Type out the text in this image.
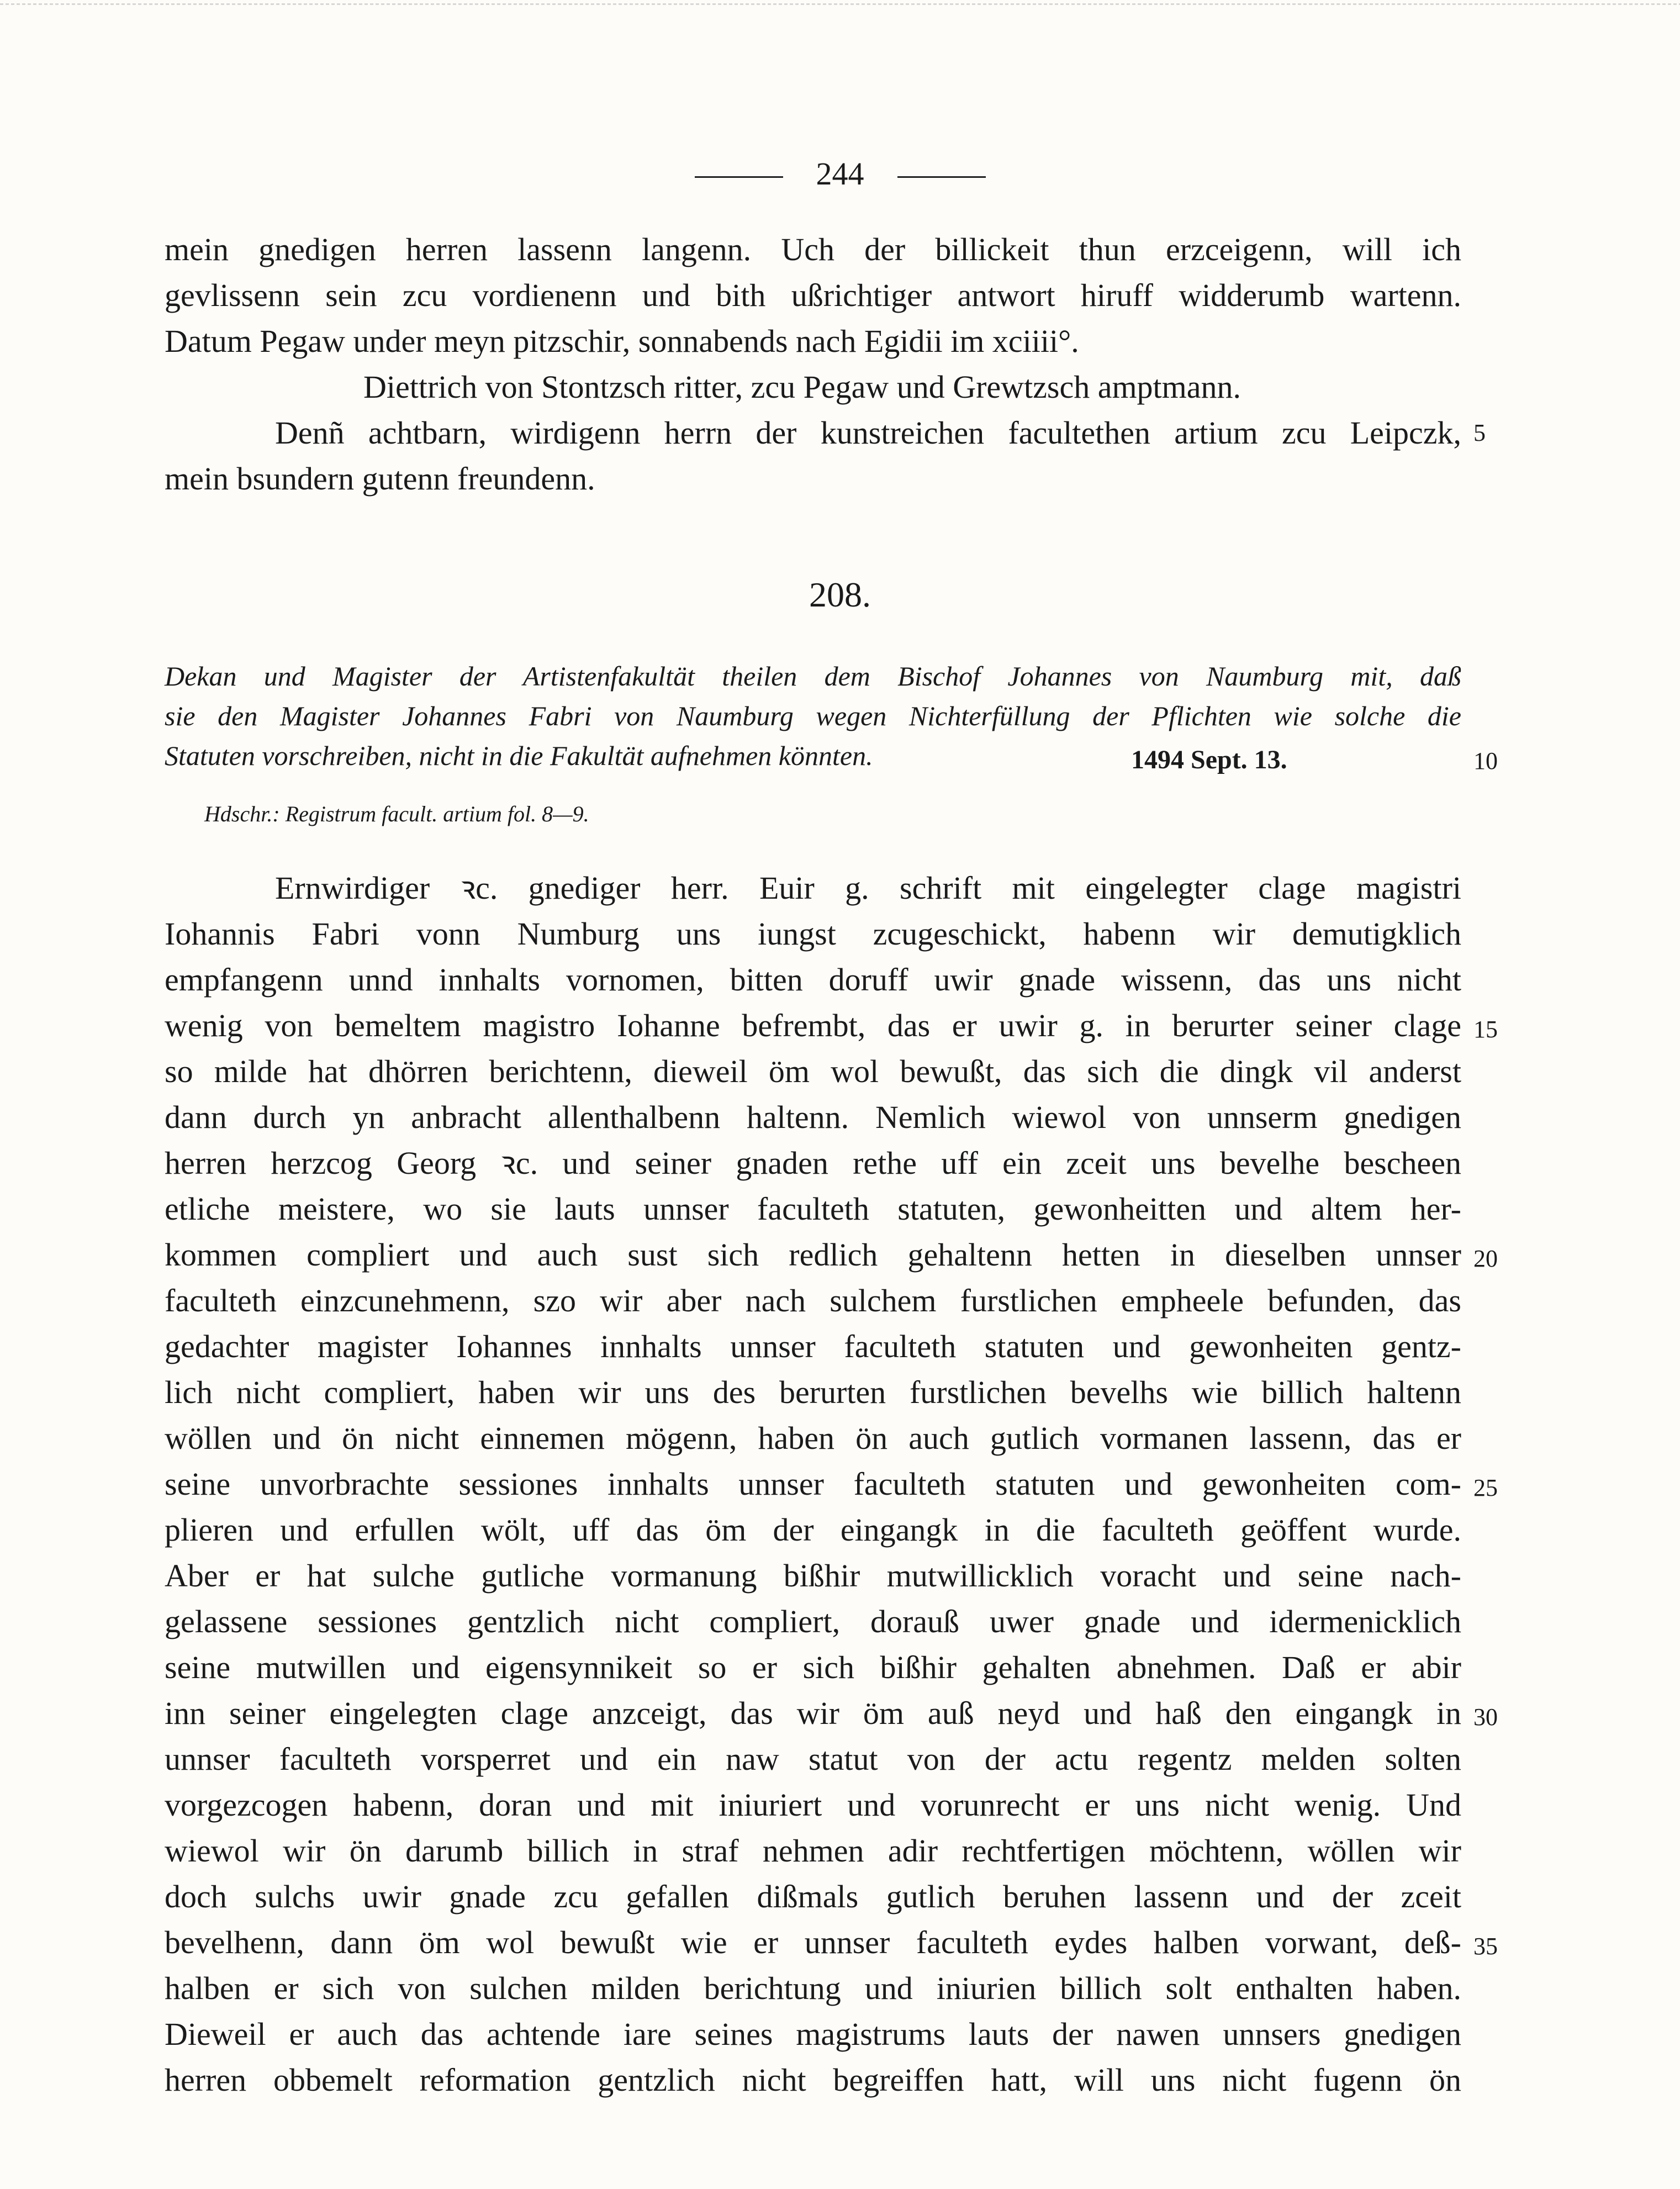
244
mein gnedigen herren lassenn langenn. Uch der billickeit thun erzceigenn, will ich
gevlissenn sein zcu vordienenn und bith ußrichtiger antwort hiruff widderumb wartenn.
Datum Pegaw under meyn pitzschir, sonnabends nach Egidii im xciiii°.
Diettrich von Stontzsch ritter, zcu Pegaw und Grewtzsch amptmann.
Denñ achtbarn, wirdigenn herrn der kunstreichen facultethen artium zcu Leipczk,
mein bsundern gutenn freundenn.
5
208.
Dekan und Magister der Artistenfakultät theilen dem Bischof Johannes von Naumburg mit, daß
sie den Magister Johannes Fabri von Naumburg wegen Nichterfüllung der Pflichten wie solche die
Statuten vorschreiben, nicht in die Fakultät aufnehmen könnten.	1494 Sept. 13.	10
Hdschr.: Registrum facult. artium fol. 8—9.
Ernwirdiger ꝛc. gnediger herr. Euir g. schrift mit eingelegter clage magistri
Iohannis Fabri vonn Numburg uns iungst zcugeschickt, habenn wir demutigklich
empfangenn unnd innhalts vornomen, bitten doruff uwir gnade wissenn, das uns nicht
wenig von bemeltem magistro Iohanne befrembt, das er uwir g. in berurter seiner clage
so milde hat dhörren berichtenn, dieweil öm wol bewußt, das sich die dingk vil anderst
dann durch yn anbracht allenthalbenn haltenn. Nemlich wiewol von unnserm gnedigen
herren herzcog Georg ꝛc. und seiner gnaden rethe uff ein zceit uns bevelhe bescheen
etliche meistere, wo sie lauts unnser faculteth statuten, gewonheitten und altem her-
kommen compliert und auch sust sich redlich gehaltenn hetten in dieselben unnser
faculteth einzcunehmenn, szo wir aber nach sulchem furstlichen empheele befunden, das
gedachter magister Iohannes innhalts unnser faculteth statuten und gewonheiten gentz-
lich nicht compliert, haben wir uns des berurten furstlichen bevelhs wie billich haltenn
wöllen und ön nicht einnemen mögenn, haben ön auch gutlich vormanen lassenn, das er
seine unvorbrachte sessiones innhalts unnser faculteth statuten und gewonheiten com-
plieren und erfullen wölt, uff das öm der eingangk in die faculteth geöffent wurde.
Aber er hat sulche gutliche vormanung bißhir mutwillicklich voracht und seine nach-
gelassene sessiones gentzlich nicht compliert, dorauß uwer gnade und idermenicklich
seine mutwillen und eigensynnikeit so er sich bißhir gehalten abnehmen. Daß er abir
inn seiner eingelegten clage anzceigt, das wir öm auß neyd und haß den eingangk in
unnser faculteth vorsperret und ein naw statut von der actu regentz melden solten
vorgezcogen habenn, doran und mit iniuriert und vorunrecht er uns nicht wenig. Und
wiewol wir ön darumb billich in straf nehmen adir rechtfertigen möchtenn, wöllen wir
doch sulchs uwir gnade zcu gefallen dißmals gutlich beruhen lassenn und der zceit
bevelhenn, dann öm wol bewußt wie er unnser faculteth eydes halben vorwant, deß-
halben er sich von sulchen milden berichtung und iniurien billich solt enthalten haben.
Dieweil er auch das achtende iare seines magistrums lauts der nawen unnsers gnedigen
herren obbemelt reformation gentzlich nicht begreiffen hatt, will uns nicht fugenn ön
15
20
25
30
35
